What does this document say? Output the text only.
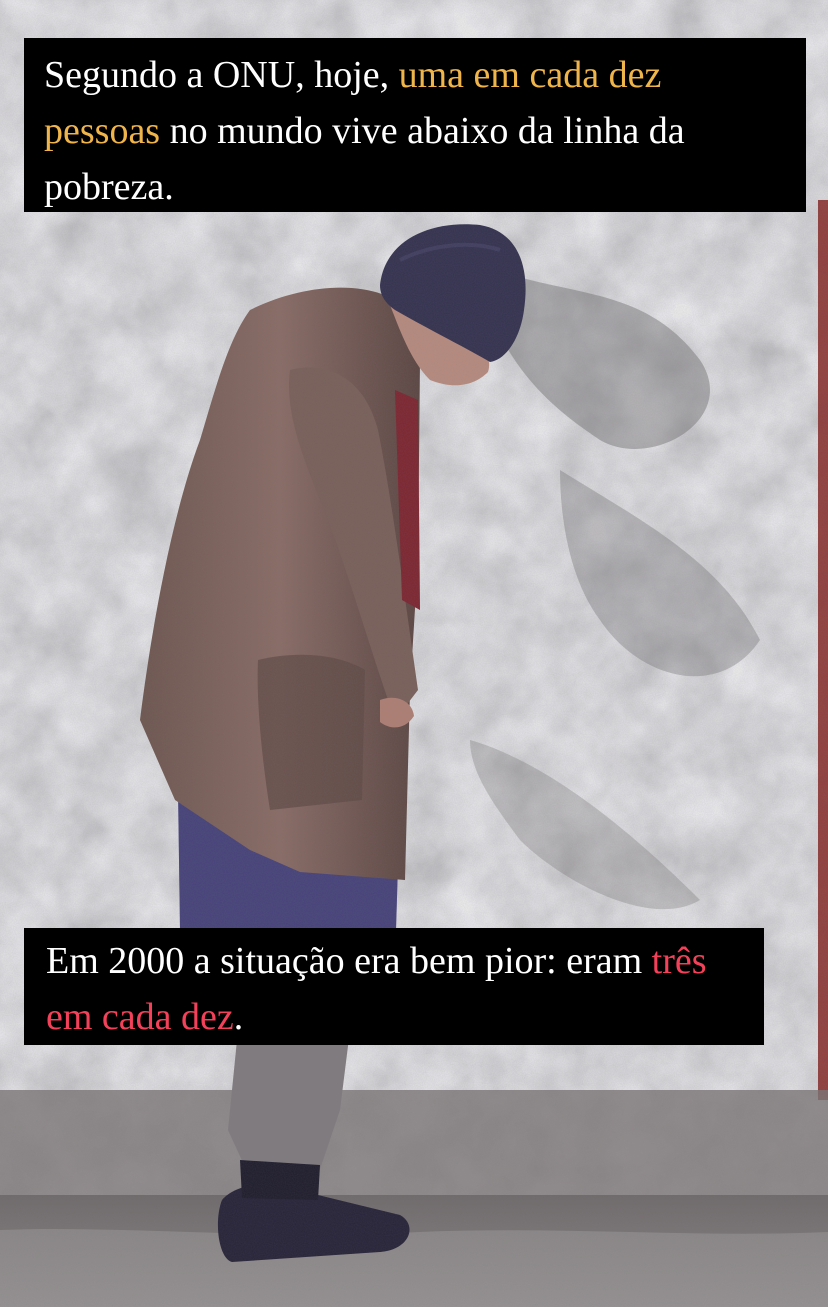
Segundo a ONU, hoje, uma em cada dez pessoas no mundo vive abaixo da linha da pobreza.
Em 2000 a situação era bem pior: eram três em cada dez.
